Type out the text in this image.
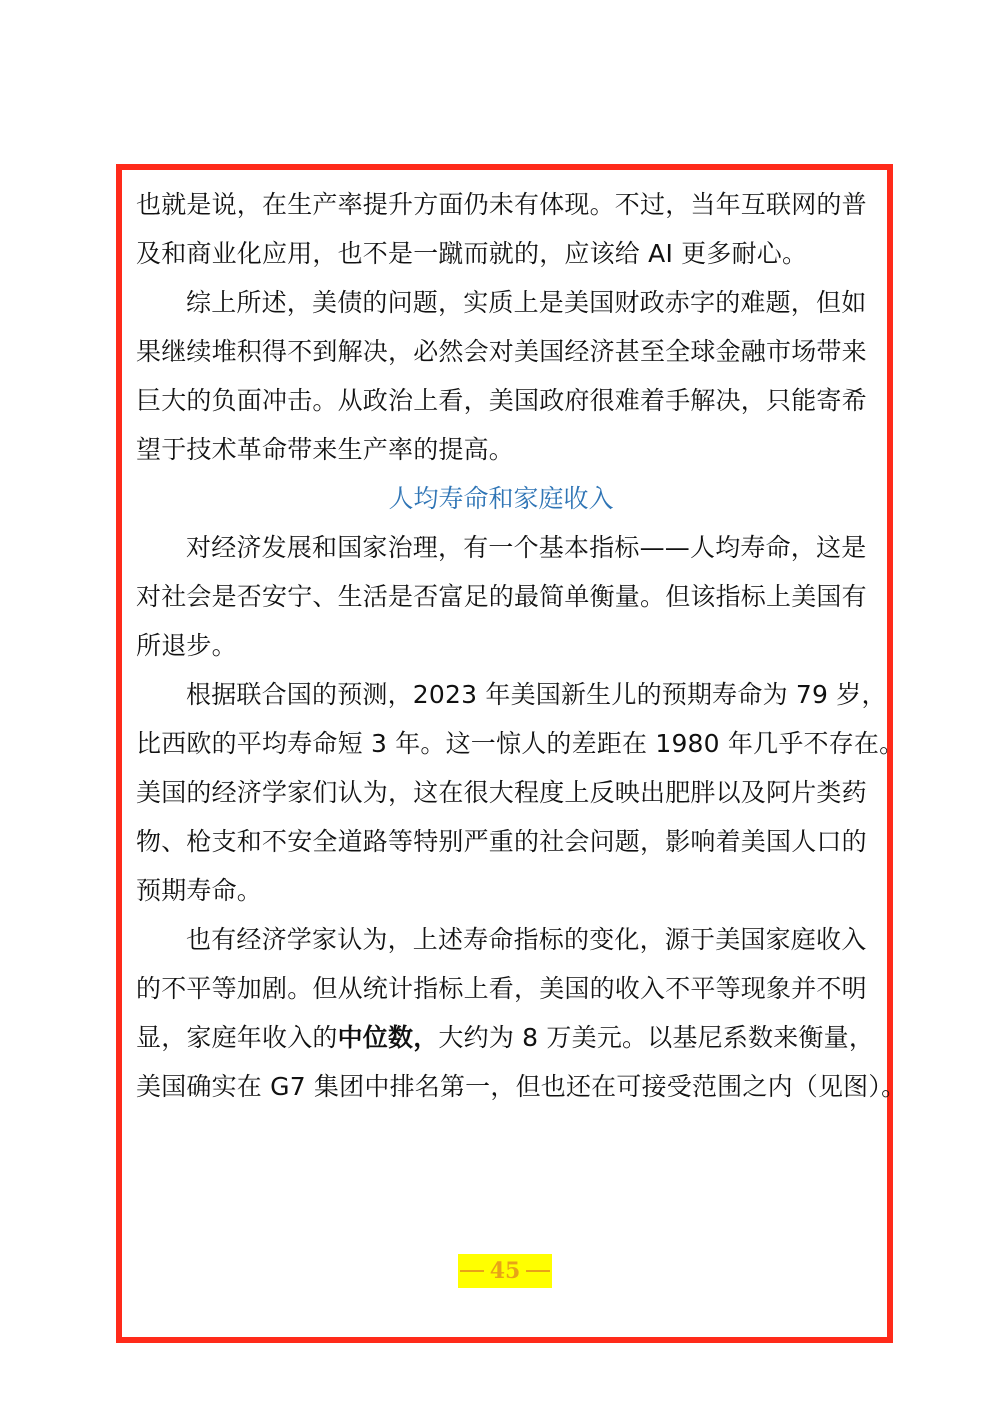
也就是说，在生产率提升方面仍未有体现。不过，当年互联网的普
及和商业化应用，也不是一蹴而就的，应该给 AI 更多耐心。
综上所述，美债的问题，实质上是美国财政赤字的难题，但如
果继续堆积得不到解决，必然会对美国经济甚至全球金融市场带来
巨大的负面冲击。从政治上看，美国政府很难着手解决，只能寄希
望于技术革命带来生产率的提高。
人均寿命和家庭收入
对经济发展和国家治理，有一个基本指标——人均寿命，这是
对社会是否安宁、生活是否富足的最简单衡量。但该指标上美国有
所退步。
根据联合国的预测，2023 年美国新生儿的预期寿命为 79 岁，
比西欧的平均寿命短 3 年。这一惊人的差距在 1980 年几乎不存在。
美国的经济学家们认为，这在很大程度上反映出肥胖以及阿片类药
物、枪支和不安全道路等特别严重的社会问题，影响着美国人口的
预期寿命。
也有经济学家认为，上述寿命指标的变化，源于美国家庭收入
的不平等加剧。但从统计指标上看，美国的收入不平等现象并不明
显，家庭年收入的中位数，大约为 8 万美元。以基尼系数来衡量，
美国确实在 G7 集团中排名第一，但也还在可接受范围之内（见图）。
45
